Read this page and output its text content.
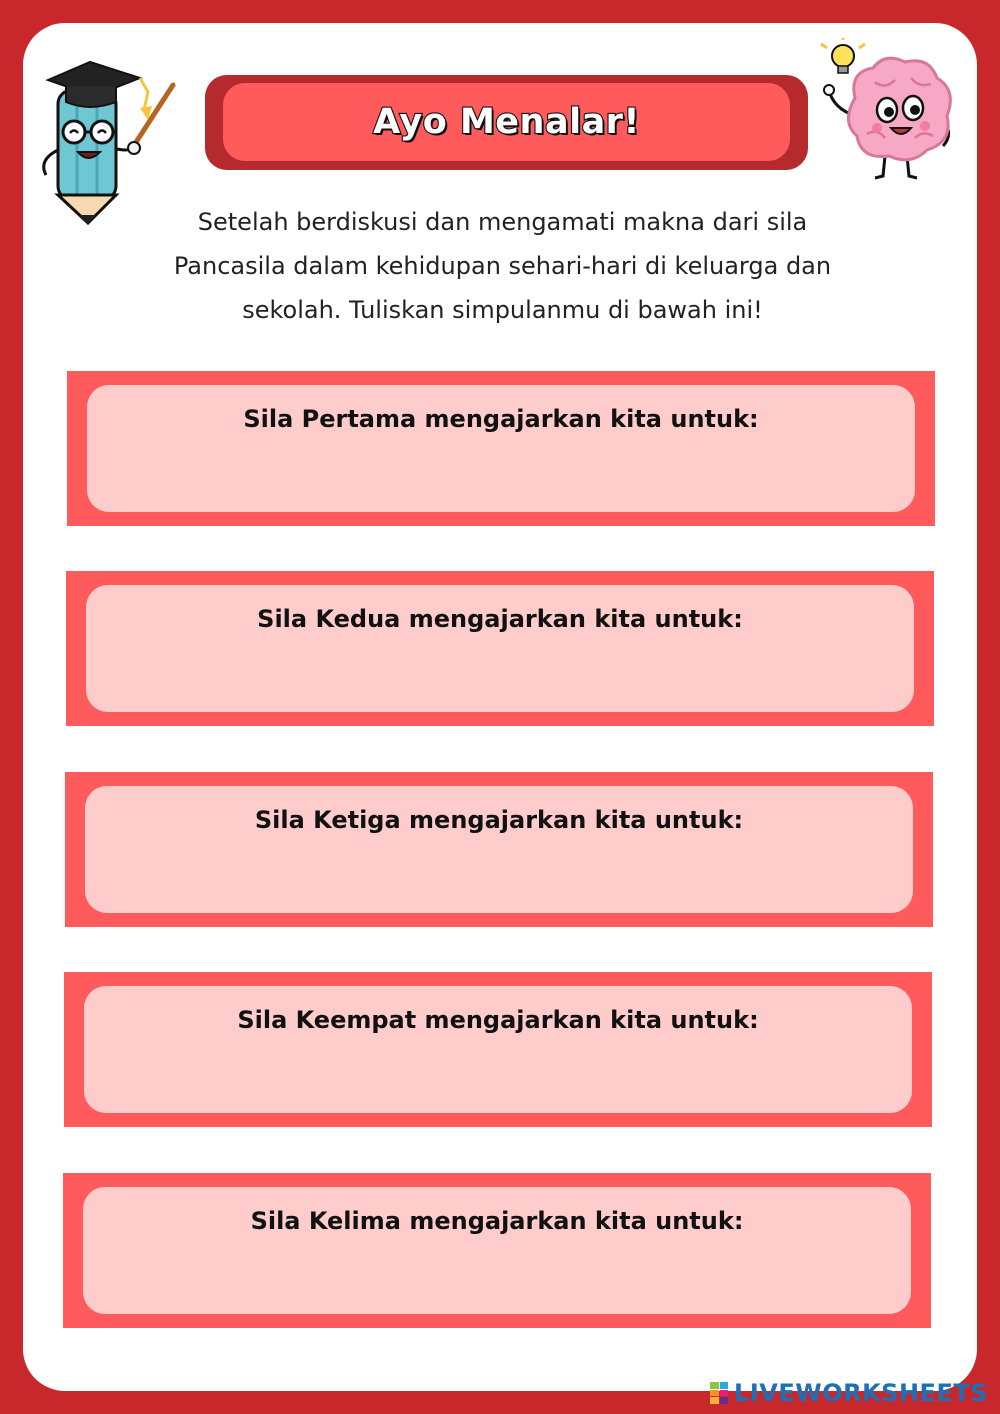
Ayo Menalar!
Setelah berdiskusi dan mengamati makna dari sila
Pancasila dalam kehidupan sehari-hari di keluarga dan
sekolah. Tuliskan simpulanmu di bawah ini!
Sila Pertama mengajarkan kita untuk:
Sila Kedua mengajarkan kita untuk:
Sila Ketiga mengajarkan kita untuk:
Sila Keempat mengajarkan kita untuk:
Sila Kelima mengajarkan kita untuk:
LIVEWORKSHEETS
